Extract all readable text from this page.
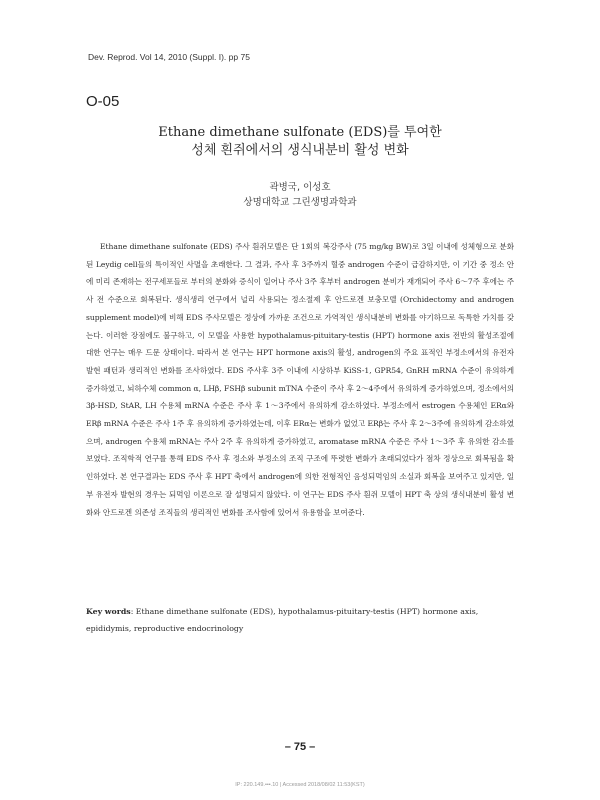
Dev. Reprod. Vol 14, 2010 (Suppl. I). pp 75
O-05
Ethane dimethane sulfonate (EDS)를 투여한
성체 흰쥐에서의 생식내분비 활성 변화
곽병국, 이성호
상명대학교 그린생명과학과
Ethane dimethane sulfonate (EDS) 주사 흰쥐모델은 단 1회의 복강주사 (75 mg/kg BW)로 3일 이내에 성체형으로 분화된 Leydig cell들의 특이적인 사멸을 초래한다. 그 결과, 주사 후 3주까지 혈중 androgen 수준이 급감하지만, 이 기간 중 정소 안에 미리 존재하는 전구세포들로 부터의 분화와 증식이 일어나 주사 3주 후부터 androgen 분비가 재개되어 주사 6～7주 후에는 주사 전 수준으로 회복된다. 생식생리 연구에서 널리 사용되는 정소절제 후 안드로겐 보충모델 (Orchidectomy and androgen supplement model)에 비해 EDS 주사모델은 정상에 가까운 조건으로 가역적인 생식내분비 변화를 야기하므로 독특한 가치를 갖는다. 이러한 장점에도 불구하고, 이 모델을 사용한 hypothalamus-pituitary-testis (HPT) hormone axis 전반의 활성조절에 대한 연구는 매우 드문 상태이다. 따라서 본 연구는 HPT hormone axis의 활성, androgen의 주요 표적인 부정소에서의 유전자 발현 패턴과 생리적인 변화를 조사하였다. EDS 주사후 3주 이내에 시상하부 KiSS-1, GPR54, GnRH mRNA 수준이 유의하게 증가하였고, 뇌하수체 common α, LHβ, FSHβ subunit mTNA 수준이 주사 후 2～4주에서 유의하게 증가하였으며, 정소에서의 3β-HSD, StAR, LH 수용체 mRNA 수준은 주사 후 1～3주에서 유의하게 감소하였다. 부정소에서 estrogen 수용체인 ERα와 ERβ mRNA 수준은 주사 1주 후 유의하게 증가하였는데, 이후 ERα는 변화가 없었고 ERβ는 주사 후 2～3주에 유의하게 감소하였으며, androgen 수용체 mRNA는 주사 2주 후 유의하게 증가하였고, aromatase mRNA 수준은 주사 1～3주 후 유의한 감소를 보였다. 조직학적 연구를 통해 EDS 주사 후 정소와 부정소의 조직 구조에 뚜렷한 변화가 초래되었다가 점차 정상으로 회복됨을 확인하였다. 본 연구결과는 EDS 주사 후 HPT 축에서 androgen에 의한 전형적인 음성되먹임의 소실과 회복을 보여주고 있지만, 일부 유전자 발현의 경우는 되먹임 이론으로 잘 설명되지 않았다. 이 연구는 EDS 주사 흰쥐 모델이 HPT 축 상의 생식내분비 활성 변화와 안드로겐 의존성 조직들의 생리적인 변화를 조사함에 있어서 유용함을 보여준다.
Key words: Ethane dimethane sulfonate (EDS), hypothalamus-pituitary-testis (HPT) hormone axis, epididymis, reproductive endocrinology
– 75 –
IP: 220.149.•••.10 | Accessed 2018/08/02 11:53(KST)
